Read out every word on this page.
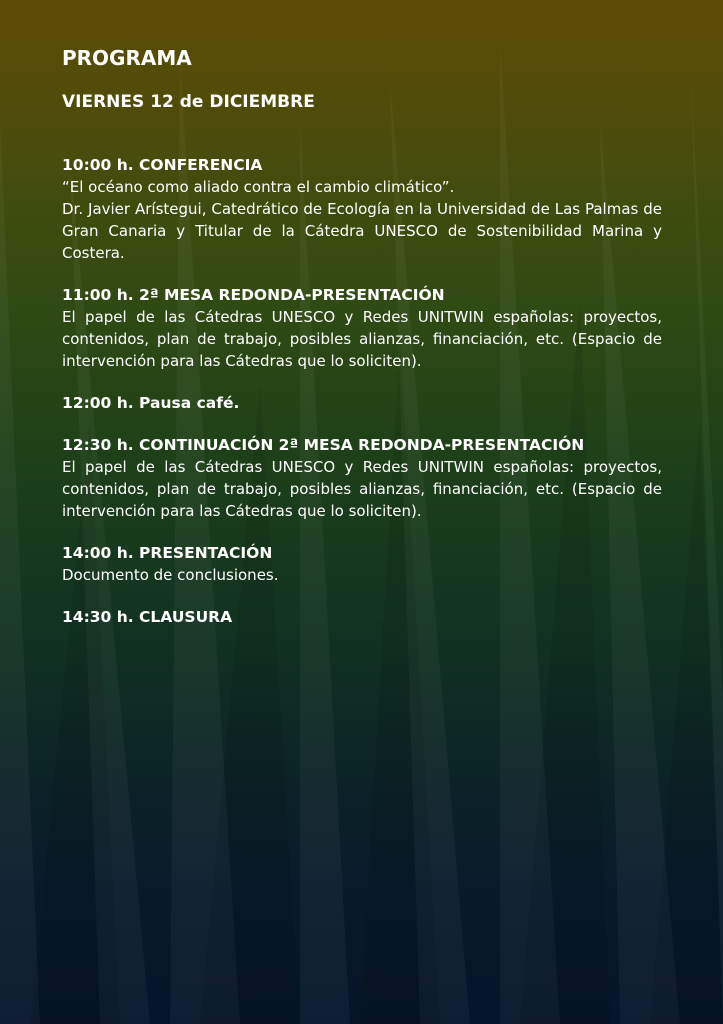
PROGRAMA
VIERNES 12 de DICIEMBRE

10:00 h. CONFERENCIA

“El océano como aliado contra el cambio climático”.

Dr. Javier Arístegui, Catedrático de Ecología en la Universidad de Las Palmas de Gran Canaria y Titular de la Cátedra UNESCO de Sostenibilidad Marina y Costera.

11:00 h. 2ª MESA REDONDA-PRESENTACIÓN

El papel de las Cátedras UNESCO y Redes UNITWIN españolas: proyectos, contenidos, plan de trabajo, posibles alianzas, financiación, etc. (Espacio de intervención para las Cátedras que lo soliciten).

12:00 h. Pausa café.

12:30 h. CONTINUACIÓN 2ª MESA REDONDA-PRESENTACIÓN

El papel de las Cátedras UNESCO y Redes UNITWIN españolas: proyectos, contenidos, plan de trabajo, posibles alianzas, financiación, etc. (Espacio de intervención para las Cátedras que lo soliciten).

14:00 h. PRESENTACIÓN

Documento de conclusiones.

14:30 h. CLAUSURA
